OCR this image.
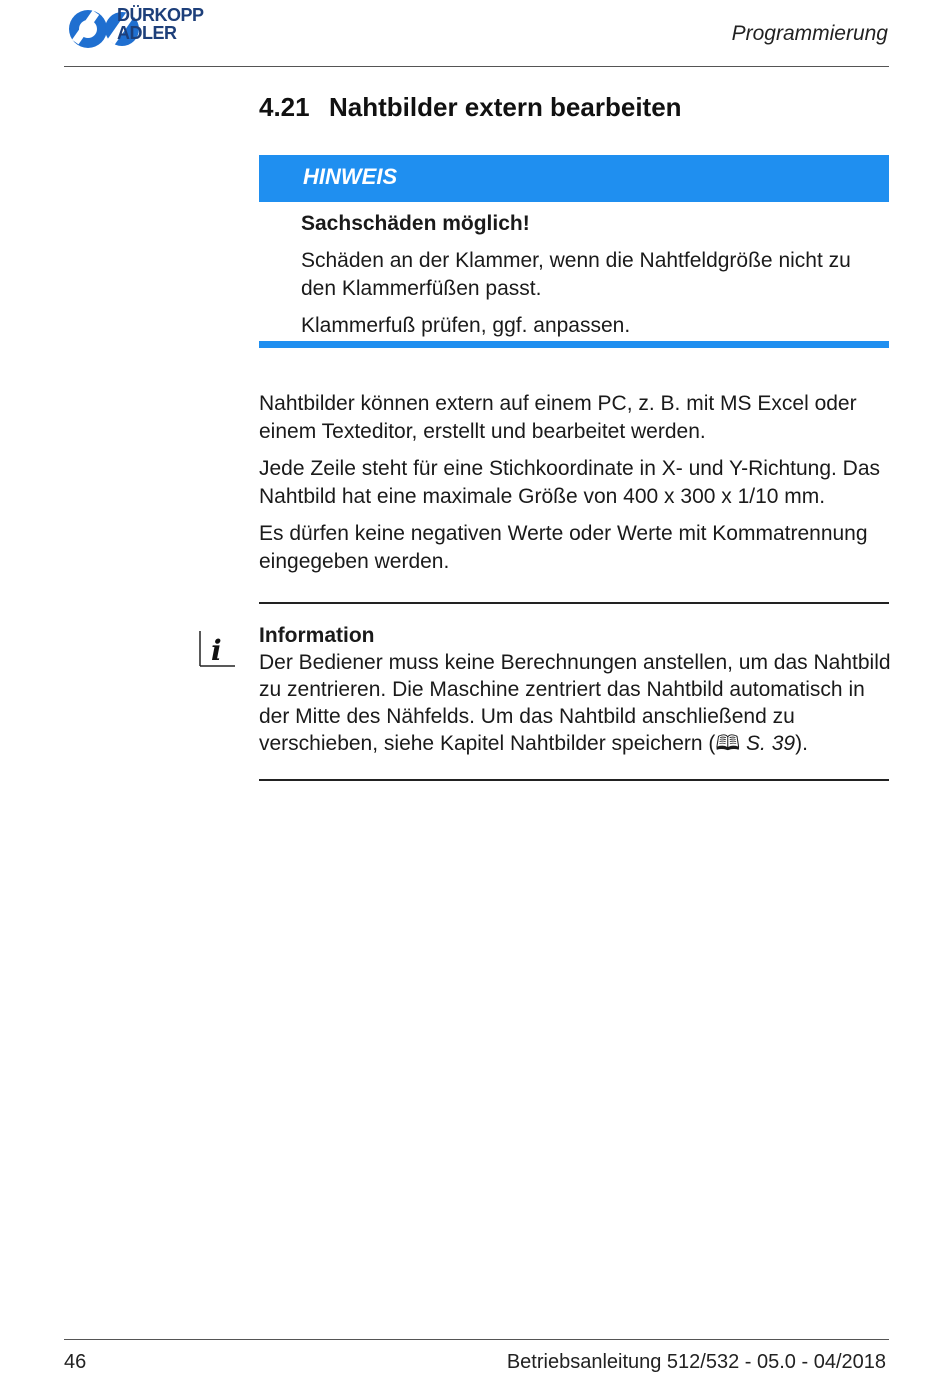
DÜRKOPP
ADLER	Programmierung
4.21 Nahtbilder extern bearbeiten
HINWEIS

Sachschäden möglich!

Schäden an der Klammer, wenn die Nahtfeldgröße nicht zu den Klammerfüßen passt.

Klammerfuß prüfen, ggf. anpassen.

Nahtbilder können extern auf einem PC, z. B. mit MS Excel oder einem Texteditor, erstellt und bearbeitet werden.

Jede Zeile steht für eine Stichkoordinate in X- und Y-Richtung. Das Nahtbild hat eine maximale Größe von 400 x 300 x 1/10 mm.

Es dürfen keine negativen Werte oder Werte mit Kommatrennung eingegeben werden.

i Information
Der Bediener muss keine Berechnungen anstellen, um das Nahtbild zu zentrieren. Die Maschine zentriert das Nahtbild automatisch in der Mitte des Nähfelds. Um das Nahtbild anschließend zu verschieben, siehe Kapitel Nahtbilder speichern (🕮 S. 39).
46	Betriebsanleitung 512/532 - 05.0 - 04/2018
